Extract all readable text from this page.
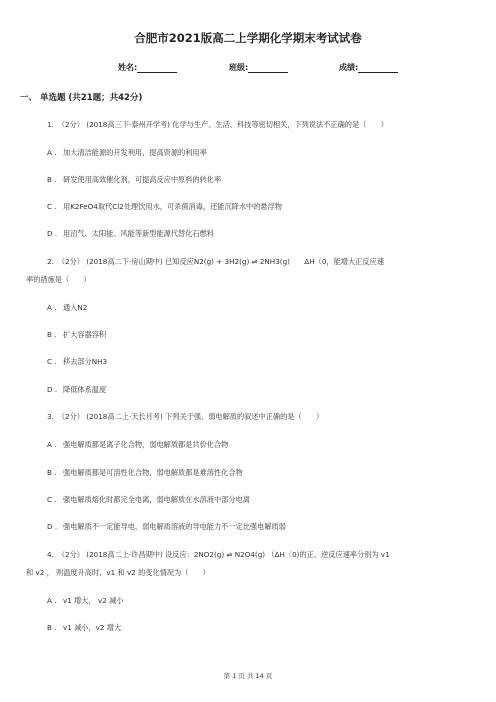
合肥市2021版高二上学期化学期末考试试卷
姓名:	班级:	成绩:
一、 单选题 (共21题；共42分)
1. （2分） (2018高三下·泰州开学考) 化学与生产、生活、科技等密切相关，下列说法不正确的是（　　）
A . 加大清洁能源的开发利用，提高资源的利用率
B . 研发使用高效催化剂，可提高反应中原料的转化率
C . 用K2FeO4取代Cl2处理饮用水，可杀菌消毒，还能沉降水中的悬浮物
D . 用沼气、太阳能、风能等新型能源代替化石燃料
2. （2分） (2018高二下·房山期中) 已知反应N2(g) + 3H2(g) ⇌ 2NH3(g)　　ΔH（0，能增大正反应速
率的措施是（　　）
A . 通入N2
B . 扩大容器容积
C . 移去部分NH3
D . 降低体系温度
3. （2分） (2018高二上·天长月考) 下列关于强、弱电解质的叙述中正确的是（　　）
A . 强电解质都是离子化合物，弱电解质都是共价化合物
B . 强电解质都是可溶性化合物，弱电解质都是难溶性化合物
C . 强电解质熔化时都完全电离，弱电解质在水溶液中部分电离
D . 强电解质不一定能导电，弱电解质溶液的导电能力不一定比强电解质弱
4. （2分） (2018高二上·许昌期中) 设反应：2NO2(g) ⇌ N2O4(g) （ΔH〈0)的正、逆反应速率分别为 v1
和 v2 ， 则温度升高时，v1 和 v2 的变化情况为（　　）
A . v1 增大， v2 减小
B . v1 减小，v2 增大
第 1 页 共 14 页
